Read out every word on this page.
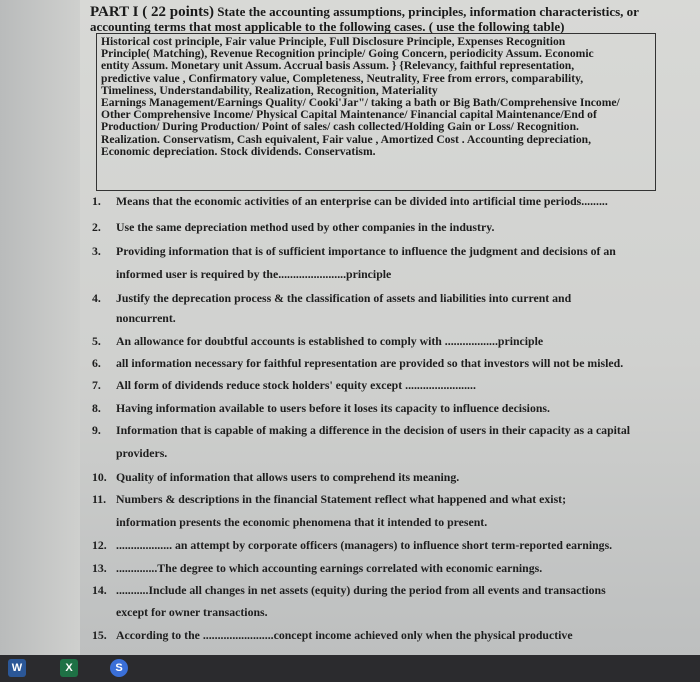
PART I ( 22 points) State the accounting assumptions, principles, information characteristics, or
accounting terms that most applicable to the following cases. ( use the following table)
Historical cost principle, Fair value Principle, Full Disclosure Principle, Expenses Recognition
Principle( Matching), Revenue Recognition principle/ Going Concern, periodicity Assum. Economic
entity Assum. Monetary unit Assum. Accrual basis Assum. } {Relevancy, faithful representation,
predictive value , Confirmatory value, Completeness, Neutrality, Free from errors, comparability,
Timeliness, Understandability, Realization, Recognition, Materiality
Earnings Management/Earnings Quality/ Cooki'Jar"/ taking a bath or Big Bath/Comprehensive Income/
Other Comprehensive Income/ Physical Capital Maintenance/ Financial capital Maintenance/End of
Production/ During Production/ Point of sales/ cash collected/Holding Gain or Loss/ Recognition.
Realization. Conservatism, Cash equivalent, Fair value , Amortized Cost . Accounting depreciation,
Economic depreciation. Stock dividends. Conservatism.
1. Means that the economic activities of an enterprise can be divided into artificial time periods.........
2. Use the same depreciation method used by other companies in the industry.
3. Providing information that is of sufficient importance to influence the judgment and decisions of an
informed user is required by the.......................principle
4. Justify the deprecation process & the classification of assets and liabilities into current and
noncurrent.
5. An allowance for doubtful accounts is established to comply with ..................principle
6. all information necessary for faithful representation are provided so that investors will not be misled.
7. All form of dividends reduce stock holders' equity except ........................
8. Having information available to users before it loses its capacity to influence decisions.
9. Information that is capable of making a difference in the decision of users in their capacity as a capital
providers.
10. Quality of information that allows users to comprehend its meaning.
11. Numbers & descriptions in the financial Statement reflect what happened and what exist;
information presents the economic phenomena that it intended to present.
12. ................... an attempt by corporate officers (managers) to influence short term-reported earnings.
13. ..............The degree to which accounting earnings correlated with economic earnings.
14. ...........Include all changes in net assets (equity) during the period from all events and transactions
except for owner transactions.
15. According to the ........................concept income achieved only when the physical productive
W	X	S
